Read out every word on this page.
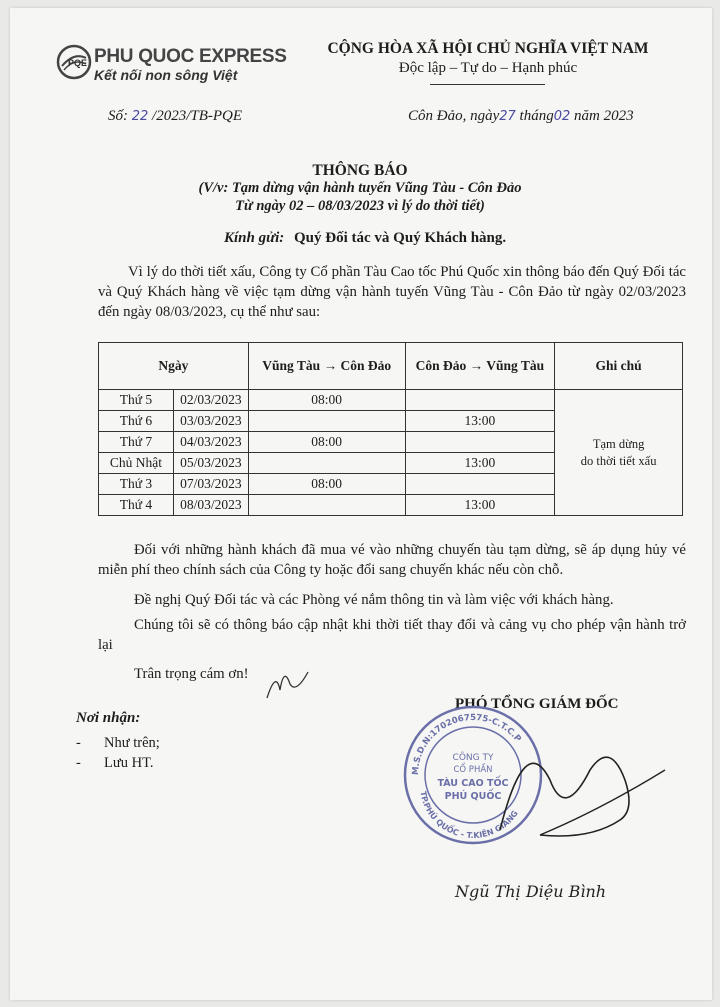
PQE PHU QUOC EXPRESS
Kết nối non sông Việt
CỘNG HÒA XÃ HỘI CHỦ NGHĨA VIỆT NAM
Độc lập – Tự do – Hạnh phúc
Số: 22 /2023/TB-PQE	Côn Đảo, ngày27 tháng02 năm 2023
THÔNG BÁO
(V/v: Tạm dừng vận hành tuyến Vũng Tàu - Côn Đảo
Từ ngày 02 – 08/03/2023 vì lý do thời tiết)
Kính gửi: Quý Đối tác và Quý Khách hàng.
Vì lý do thời tiết xấu, Công ty Cổ phần Tàu Cao tốc Phú Quốc xin thông báo đến Quý Đối tác và Quý Khách hàng về việc tạm dừng vận hành tuyến Vũng Tàu - Côn Đảo từ ngày 02/03/2023 đến ngày 08/03/2023, cụ thể như sau:
Ngày		Vũng Tàu → Côn Đảo	Côn Đảo → Vũng Tàu	Ghi chú
Thứ 5	02/03/2023	08:00		Tạm dừng
do thời tiết xấu

Thứ 6	03/03/2023		13:00	
Thứ 7	04/03/2023	08:00		
Chủ Nhật	05/03/2023		13:00	
Thứ 3	07/03/2023	08:00		
Thứ 4	08/03/2023		13:00	
Đối với những hành khách đã mua vé vào những chuyến tàu tạm dừng, sẽ áp dụng hủy vé miễn phí theo chính sách của Công ty hoặc đổi sang chuyến khác nếu còn chỗ.
Đề nghị Quý Đối tác và các Phòng vé nắm thông tin và làm việc với khách hàng.
Chúng tôi sẽ có thông báo cập nhật khi thời tiết thay đổi và cảng vụ cho phép vận hành trở lại
Trân trọng cám ơn!
Nơi nhận:
- Như trên;
- Lưu HT.
PHÓ TỔNG GIÁM ĐỐC
M.S.D.N:1702067575-C.T.C.P
TP.PHÚ QUỐC - T.KIÊN GIANG
CÔNG TY
CỔ PHẦN
TÀU CAO TỐC
PHÚ QUỐC
Ngũ Thị Diệu Bình
